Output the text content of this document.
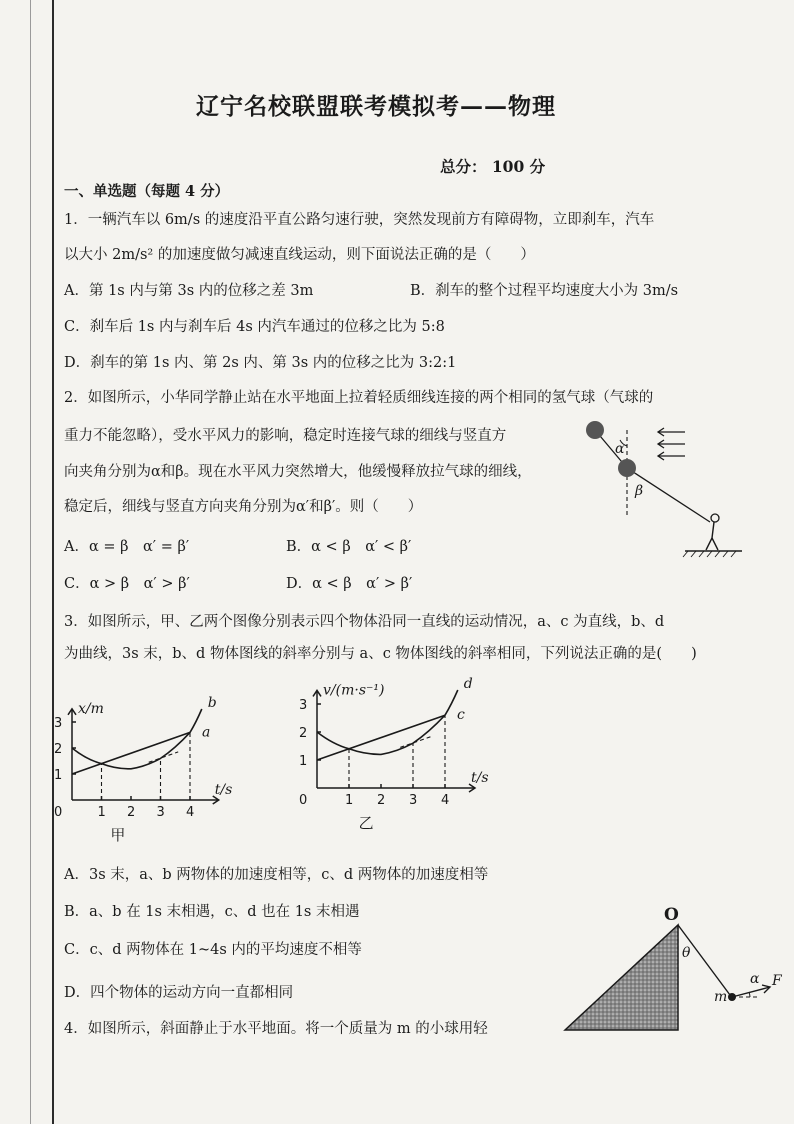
辽宁名校联盟联考模拟考——物理
总分： 100 分
一、单选题（每题 4 分）
1．一辆汽车以 6m/s 的速度沿平直公路匀速行驶，突然发现前方有障碍物，立即刹车，汽车
以大小 2m/s² 的加速度做匀减速直线运动，则下面说法正确的是（　　）
A．第 1s 内与第 3s 内的位移之差 3m	B．刹车的整个过程平均速度大小为 3m/s
C．刹车后 1s 内与刹车后 4s 内汽车通过的位移之比为 5:8
D．刹车的第 1s 内、第 2s 内、第 3s 内的位移之比为 3:2:1
2．如图所示，小华同学静止站在水平地面上拉着轻质细线连接的两个相同的氢气球（气球的
重力不能忽略），受水平风力的影响，稳定时连接气球的细线与竖直方
向夹角分别为α和β。现在水平风力突然增大，他缓慢释放拉气球的细线，
稳定后，细线与竖直方向夹角分别为α′和β′。则（　　）
A．α = β　α′ = β′	B．α < β　α′ < β′
C．α > β　α′ > β′	D．α < β　α′ > β′
α
β
3．如图所示，甲、乙两个图像分别表示四个物体沿同一直线的运动情况，a、c 为直线，b、d
为曲线，3s 末，b、d 物体图线的斜率分别与 a、c 物体图线的斜率相同，下列说法正确的是(　　)
0	1 2 3 4
1
2
3
t/s
x/m
甲
a
b
0	1 2 3 4
1
2
3
t/s
v/(m·s⁻¹)
乙
c
d
A．3s 末，a、b 两物体的加速度相等，c、d 两物体的加速度相等
B．a、b 在 1s 末相遇，c、d 也在 1s 末相遇
C．c、d 两物体在 1~4s 内的平均速度不相等
D．四个物体的运动方向一直都相同
4．如图所示，斜面静止于水平地面。将一个质量为 m 的小球用轻
O
θ
α
m
F
